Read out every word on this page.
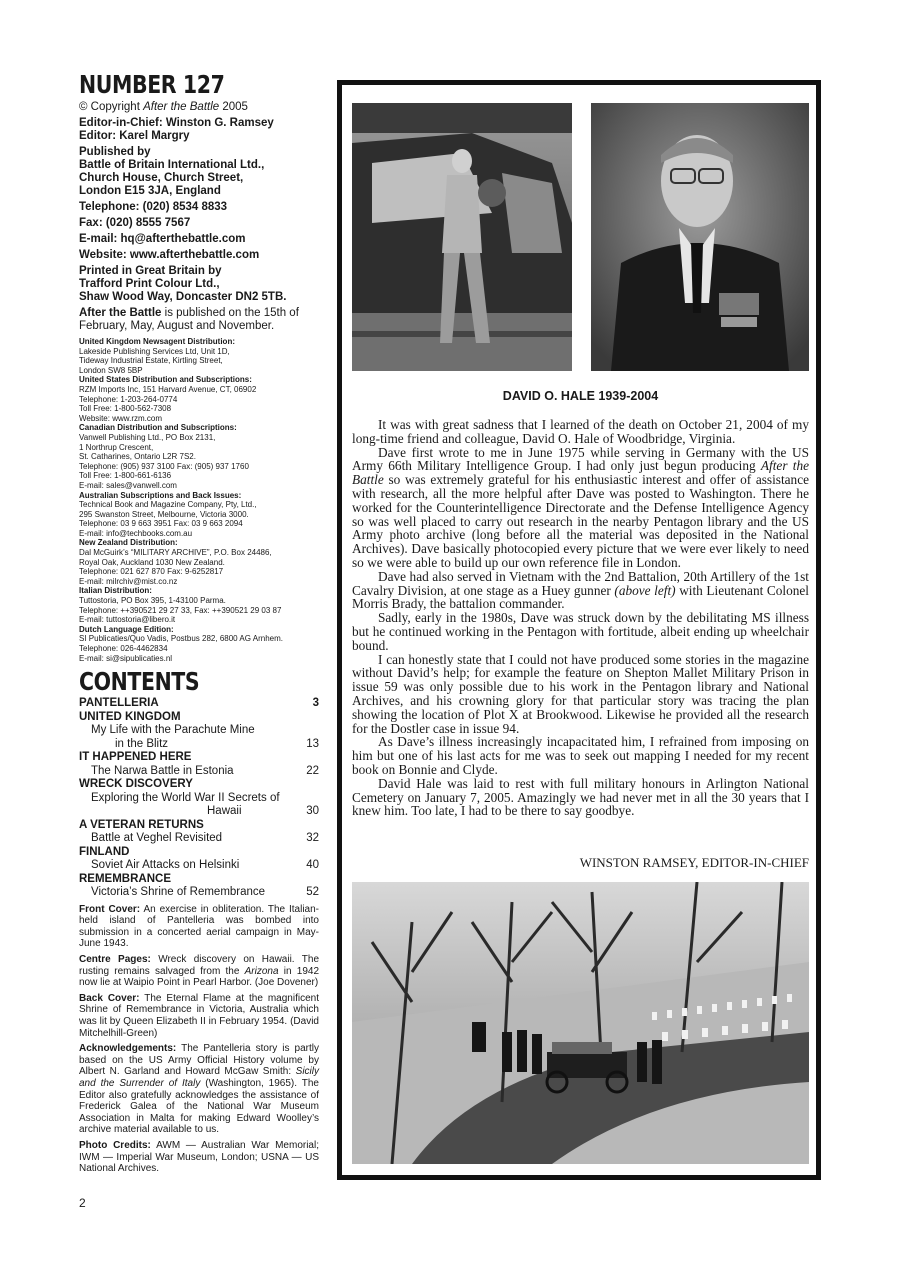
NUMBER 127
© Copyright After the Battle 2005
Editor-in-Chief: Winston G. Ramsey
Editor: Karel Margry
Published by
Battle of Britain International Ltd.,
Church House, Church Street,
London E15 3JA, England
Telephone: (020) 8534 8833
Fax: (020) 8555 7567
E-mail: hq@afterthebattle.com
Website: www.afterthebattle.com
Printed in Great Britain by
Trafford Print Colour Ltd.,
Shaw Wood Way, Doncaster DN2 5TB.
After the Battle is published on the 15th of February, May, August and November.
United Kingdom Newsagent Distribution:
Lakeside Publishing Services Ltd, Unit 1D,
Tideway Industrial Estate, Kirtling Street,
London SW8 5BP
United States Distribution and Subscriptions:
RZM Imports Inc, 151 Harvard Avenue, CT, 06902
Telephone: 1-203-264-0774
Toll Free: 1-800-562-7308
Website: www.rzm.com
Canadian Distribution and Subscriptions:
Vanwell Publishing Ltd., PO Box 2131,
1 Northrup Crescent,
St. Catharines, Ontario L2R 7S2.
Telephone: (905) 937 3100 Fax: (905) 937 1760
Toll Free: 1-800-661-6136
E-mail: sales@vanwell.com
Australian Subscriptions and Back Issues:
Technical Book and Magazine Company, Pty, Ltd.,
295 Swanston Street, Melbourne, Victoria 3000.
Telephone: 03 9 663 3951 Fax: 03 9 663 2094
E-mail: info@techbooks.com.au
New Zealand Distribution:
Dal McGuirk’s “MILITARY ARCHIVE”, P.O. Box 24486,
Royal Oak, Auckland 1030 New Zealand.
Telephone: 021 627 870 Fax: 9-6252817
E-mail: milrchiv@mist.co.nz
Italian Distribution:
Tuttostoria, PO Box 395, 1-43100 Parma.
Telephone: ++390521 29 27 33, Fax: ++390521 29 03 87
E-mail: tuttostoria@libero.it
Dutch Language Edition:
SI Publicaties/Quo Vadis, Postbus 282, 6800 AG Arnhem.
Telephone: 026-4462834
E-mail: si@sipublicaties.nl
CONTENTS
PANTELLERIA	3
UNITED KINGDOM
My Life with the Parachute Mine
in the Blitz	13
IT HAPPENED HERE
The Narwa Battle in Estonia	22
WRECK DISCOVERY
Exploring the World War II Secrets of
Hawaii	30
A VETERAN RETURNS
Battle at Veghel Revisited	32
FINLAND
Soviet Air Attacks on Helsinki	40
REMEMBRANCE
Victoria’s Shrine of Remembrance	52

Front Cover: An exercise in obliteration. The Italian-held island of Pantelleria was bombed into submission in a concerted aerial campaign in May-June 1943.

Centre Pages: Wreck discovery on Hawaii. The rusting remains salvaged from the Arizona in 1942 now lie at Waipio Point in Pearl Harbor. (Joe Dovener)

Back Cover: The Eternal Flame at the magnificent Shrine of Remembrance in Victoria, Australia which was lit by Queen Elizabeth II in February 1954. (David Mitchelhill-Green)

Acknowledgements: The Pantelleria story is partly based on the US Army Official History volume by Albert N. Garland and Howard McGaw Smith: Sicily and the Surrender of Italy (Washington, 1965). The Editor also gratefully acknowledges the assistance of Frederick Galea of the National War Museum Association in Malta for making Edward Woolley’s archive material available to us.

Photo Credits: AWM — Australian War Memorial; IWM — Imperial War Museum, London; USNA — US National Archives.

2
DAVID O. HALE 1939-2004

It was with great sadness that I learned of the death on October 21, 2004 of my long-time friend and colleague, David O. Hale of Woodbridge, Virginia.

Dave first wrote to me in June 1975 while serving in Germany with the US Army 66th Military Intelligence Group. I had only just begun producing After the Battle so was extremely grateful for his enthusiastic interest and offer of assistance with research, all the more helpful after Dave was posted to Washington. There he worked for the Counterintelligence Directorate and the Defense Intelligence Agency so was well placed to carry out research in the nearby Pentagon library and the US Army photo archive (long before all the material was deposited in the National Archives). Dave basically photocopied every picture that we were ever likely to need so we were able to build up our own reference file in London.

Dave had also served in Vietnam with the 2nd Battalion, 20th Artillery of the 1st Cavalry Division, at one stage as a Huey gunner (above left) with Lieutenant Colonel Morris Brady, the battalion commander.

Sadly, early in the 1980s, Dave was struck down by the debilitating MS illness but he continued working in the Pentagon with fortitude, albeit ending up wheelchair bound.

I can honestly state that I could not have produced some stories in the magazine without David’s help; for example the feature on Shepton Mallet Military Prison in issue 59 was only possible due to his work in the Pentagon library and National Archives, and his crowning glory for that particular story was tracing the plan showing the location of Plot X at Brookwood. Likewise he provided all the research for the Dostler case in issue 94.

As Dave’s illness increasingly incapacitated him, I refrained from imposing on him but one of his last acts for me was to seek out mapping I needed for my recent book on Bonnie and Clyde.

David Hale was laid to rest with full military honours in Arlington National Cemetery on January 7, 2005. Amazingly we had never met in all the 30 years that I knew him. Too late, I had to be there to say goodbye.

WINSTON RAMSEY, EDITOR-IN-CHIEF
